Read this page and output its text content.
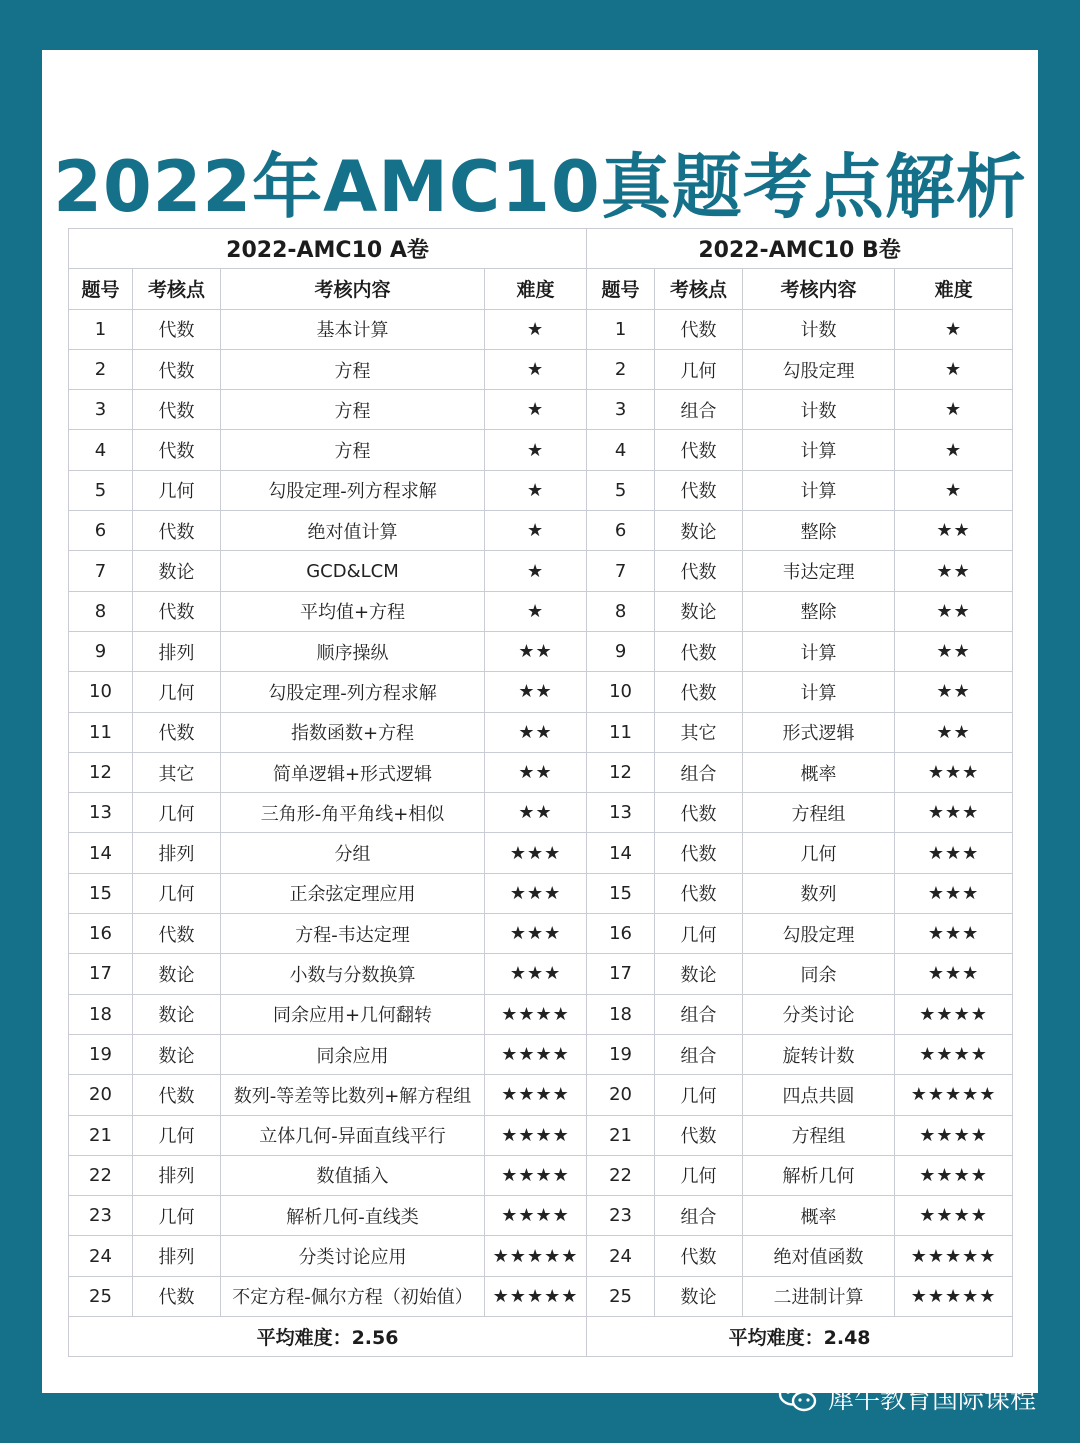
2022年AMC10真题考点解析
2022-AMC10 A卷				2022-AMC10 B卷			
题号	考核点	考核内容	难度	题号	考核点	考核内容	难度
1	代数	基本计算	★	1	代数	计数	★
2	代数	方程	★	2	几何	勾股定理	★
3	代数	方程	★	3	组合	计数	★
4	代数	方程	★	4	代数	计算	★
5	几何	勾股定理-列方程求解	★	5	代数	计算	★
6	代数	绝对值计算	★	6	数论	整除	★★
7	数论	GCD&LCM	★	7	代数	韦达定理	★★
8	代数	平均值+方程	★	8	数论	整除	★★
9	排列	顺序操纵	★★	9	代数	计算	★★
10	几何	勾股定理-列方程求解	★★	10	代数	计算	★★
11	代数	指数函数+方程	★★	11	其它	形式逻辑	★★
12	其它	简单逻辑+形式逻辑	★★	12	组合	概率	★★★
13	几何	三角形-角平角线+相似	★★	13	代数	方程组	★★★
14	排列	分组	★★★	14	代数	几何	★★★
15	几何	正余弦定理应用	★★★	15	代数	数列	★★★
16	代数	方程-韦达定理	★★★	16	几何	勾股定理	★★★
17	数论	小数与分数换算	★★★	17	数论	同余	★★★
18	数论	同余应用+几何翻转	★★★★	18	组合	分类讨论	★★★★
19	数论	同余应用	★★★★	19	组合	旋转计数	★★★★
20	代数	数列-等差等比数列+解方程组	★★★★	20	几何	四点共圆	★★★★★
21	几何	立体几何-异面直线平行	★★★★	21	代数	方程组	★★★★
22	排列	数值插入	★★★★	22	几何	解析几何	★★★★
23	几何	解析几何-直线类	★★★★	23	组合	概率	★★★★
24	排列	分类讨论应用	★★★★★	24	代数	绝对值函数	★★★★★
25	代数	不定方程-佩尔方程（初始值）	★★★★★	25	数论	二进制计算	★★★★★
平均难度：2.56				平均难度：2.48			
犀牛教育国际课程
